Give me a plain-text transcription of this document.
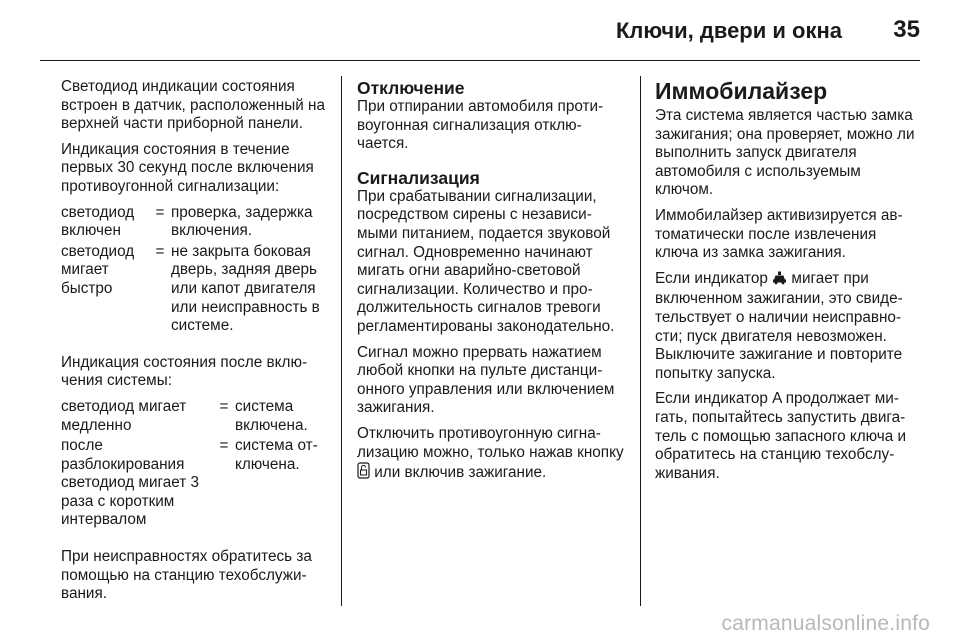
Ключи, двери и окна 35

Светодиод индикации состояния встроен в датчик, расположенный на верхней части приборной панели.

Индикация состояния в течение первых 30 секунд после включения противоугонной сигнализации:

светодиод включен	=	проверка, задержка включения.
светодиод мигает быстро	=	не закрыта боковая дверь, задняя дверь или капот двигателя или неисправность в системе.

Индикация состояния после включения системы:

светодиод мигает медленно	=	система включена.
после разблокирования светодиод мигает 3 раза с коротким интервалом	=	система отключена.

При неисправностях обратитесь за помощью на станцию техобслуживания.

Отключение

При отпирании автомобиля противоугонная сигнализация отключается.

Сигнализация

При срабатывании сигнализации, посредством сирены с независимыми питанием, подается звуковой сигнал. Одновременно начинают мигать огни аварийно-световой сигнализации. Количество и продолжительность сигналов тревоги регламентированы законодательно.

Сигнал можно прервать нажатием любой кнопки на пульте дистанционного управления или включением зажигания.

Отключить противоугонную сигнализацию можно, только нажав кнопку  или включив зажигание.

Иммобилайзер

Эта система является частью замка зажигания; она проверяет, можно ли выполнить запуск двигателя автомобиля с используемым ключом.

Иммобилайзер активизируется автоматически после извлечения ключа из замка зажигания.

Если индикатор мигает при включенном зажигании, это свидетельствует о наличии неисправности; пуск двигателя невозможен. Выключите зажигание и повторите попытку запуска.

Если индикатор A продолжает мигать, попытайтесь запустить двигатель с помощью запасного ключа и обратитесь на станцию техобслуживания.

carmanualsonline.info
